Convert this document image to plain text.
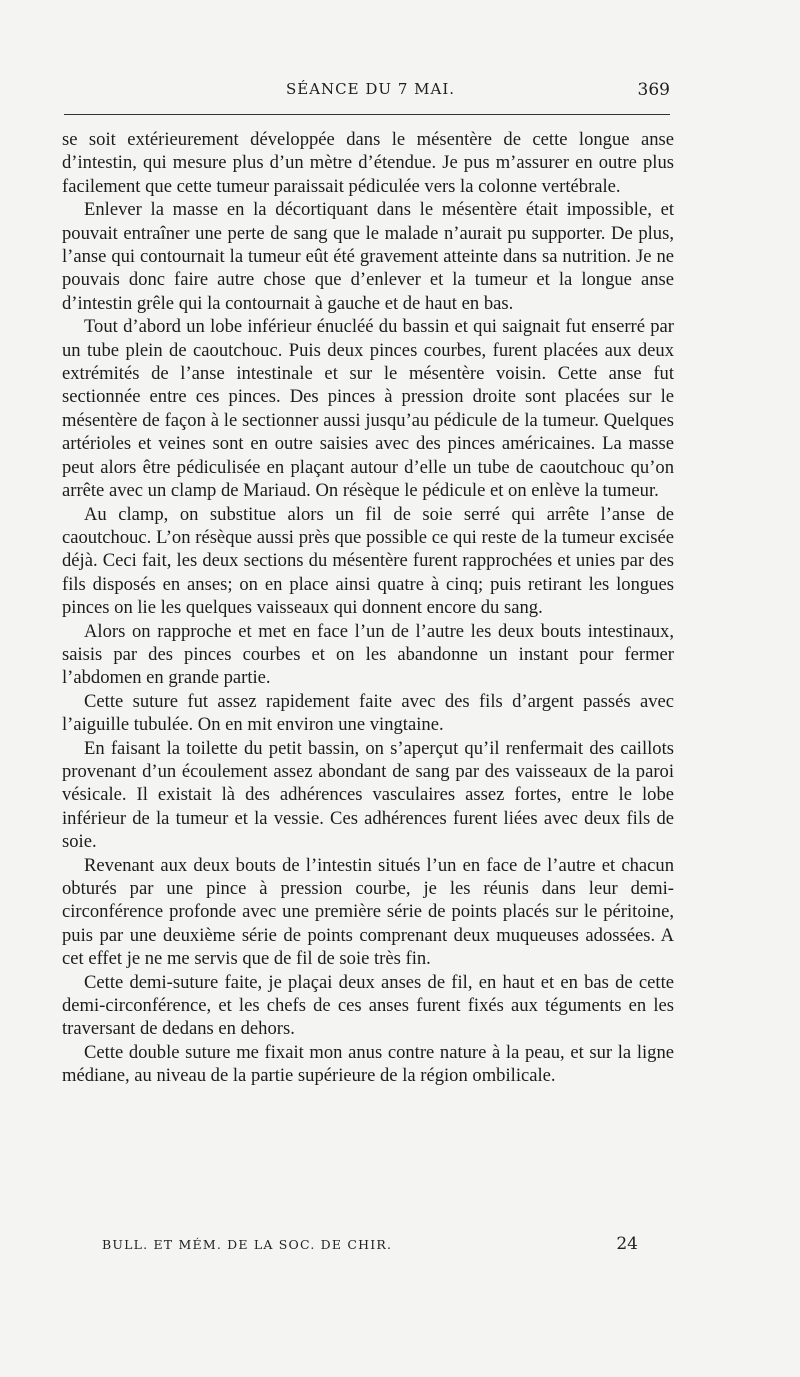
SÉANCE DU 7 MAI.	369

se soit extérieurement développée dans le mésentère de cette longue anse d’intestin, qui mesure plus d’un mètre d’étendue. Je pus m’assurer en outre plus facilement que cette tumeur paraissait pédiculée vers la colonne vertébrale.

Enlever la masse en la décortiquant dans le mésentère était impossible, et pouvait entraîner une perte de sang que le malade n’aurait pu supporter. De plus, l’anse qui contournait la tumeur eût été gravement atteinte dans sa nutrition. Je ne pouvais donc faire autre chose que d’enlever et la tumeur et la longue anse d’intestin grêle qui la contournait à gauche et de haut en bas.

Tout d’abord un lobe inférieur énucléé du bassin et qui saignait fut enserré par un tube plein de caoutchouc. Puis deux pinces courbes, furent placées aux deux extrémités de l’anse intestinale et sur le mésentère voisin. Cette anse fut sectionnée entre ces pinces. Des pinces à pression droite sont placées sur le mésentère de façon à le sectionner aussi jusqu’au pédicule de la tumeur. Quelques artérioles et veines sont en outre saisies avec des pinces américaines. La masse peut alors être pédiculisée en plaçant autour d’elle un tube de caoutchouc qu’on arrête avec un clamp de Mariaud. On résèque le pédicule et on enlève la tumeur.

Au clamp, on substitue alors un fil de soie serré qui arrête l’anse de caoutchouc. L’on résèque aussi près que possible ce qui reste de la tumeur excisée déjà. Ceci fait, les deux sections du mésentère furent rapprochées et unies par des fils disposés en anses; on en place ainsi quatre à cinq; puis retirant les longues pinces on lie les quelques vaisseaux qui donnent encore du sang.

Alors on rapproche et met en face l’un de l’autre les deux bouts intestinaux, saisis par des pinces courbes et on les abandonne un instant pour fermer l’abdomen en grande partie.

Cette suture fut assez rapidement faite avec des fils d’argent passés avec l’aiguille tubulée. On en mit environ une vingtaine.

En faisant la toilette du petit bassin, on s’aperçut qu’il renfermait des caillots provenant d’un écoulement assez abondant de sang par des vaisseaux de la paroi vésicale. Il existait là des adhérences vasculaires assez fortes, entre le lobe inférieur de la tumeur et la vessie. Ces adhérences furent liées avec deux fils de soie.

Revenant aux deux bouts de l’intestin situés l’un en face de l’autre et chacun obturés par une pince à pression courbe, je les réunis dans leur demi-circonférence profonde avec une première série de points placés sur le péritoine, puis par une deuxième série de points comprenant deux muqueuses adossées. A cet effet je ne me servis que de fil de soie très fin.

Cette demi-suture faite, je plaçai deux anses de fil, en haut et en bas de cette demi-circonférence, et les chefs de ces anses furent fixés aux téguments en les traversant de dedans en dehors.

Cette double suture me fixait mon anus contre nature à la peau, et sur la ligne médiane, au niveau de la partie supérieure de la région ombilicale.

BULL. ET MÉM. DE LA SOC. DE CHIR.	24
